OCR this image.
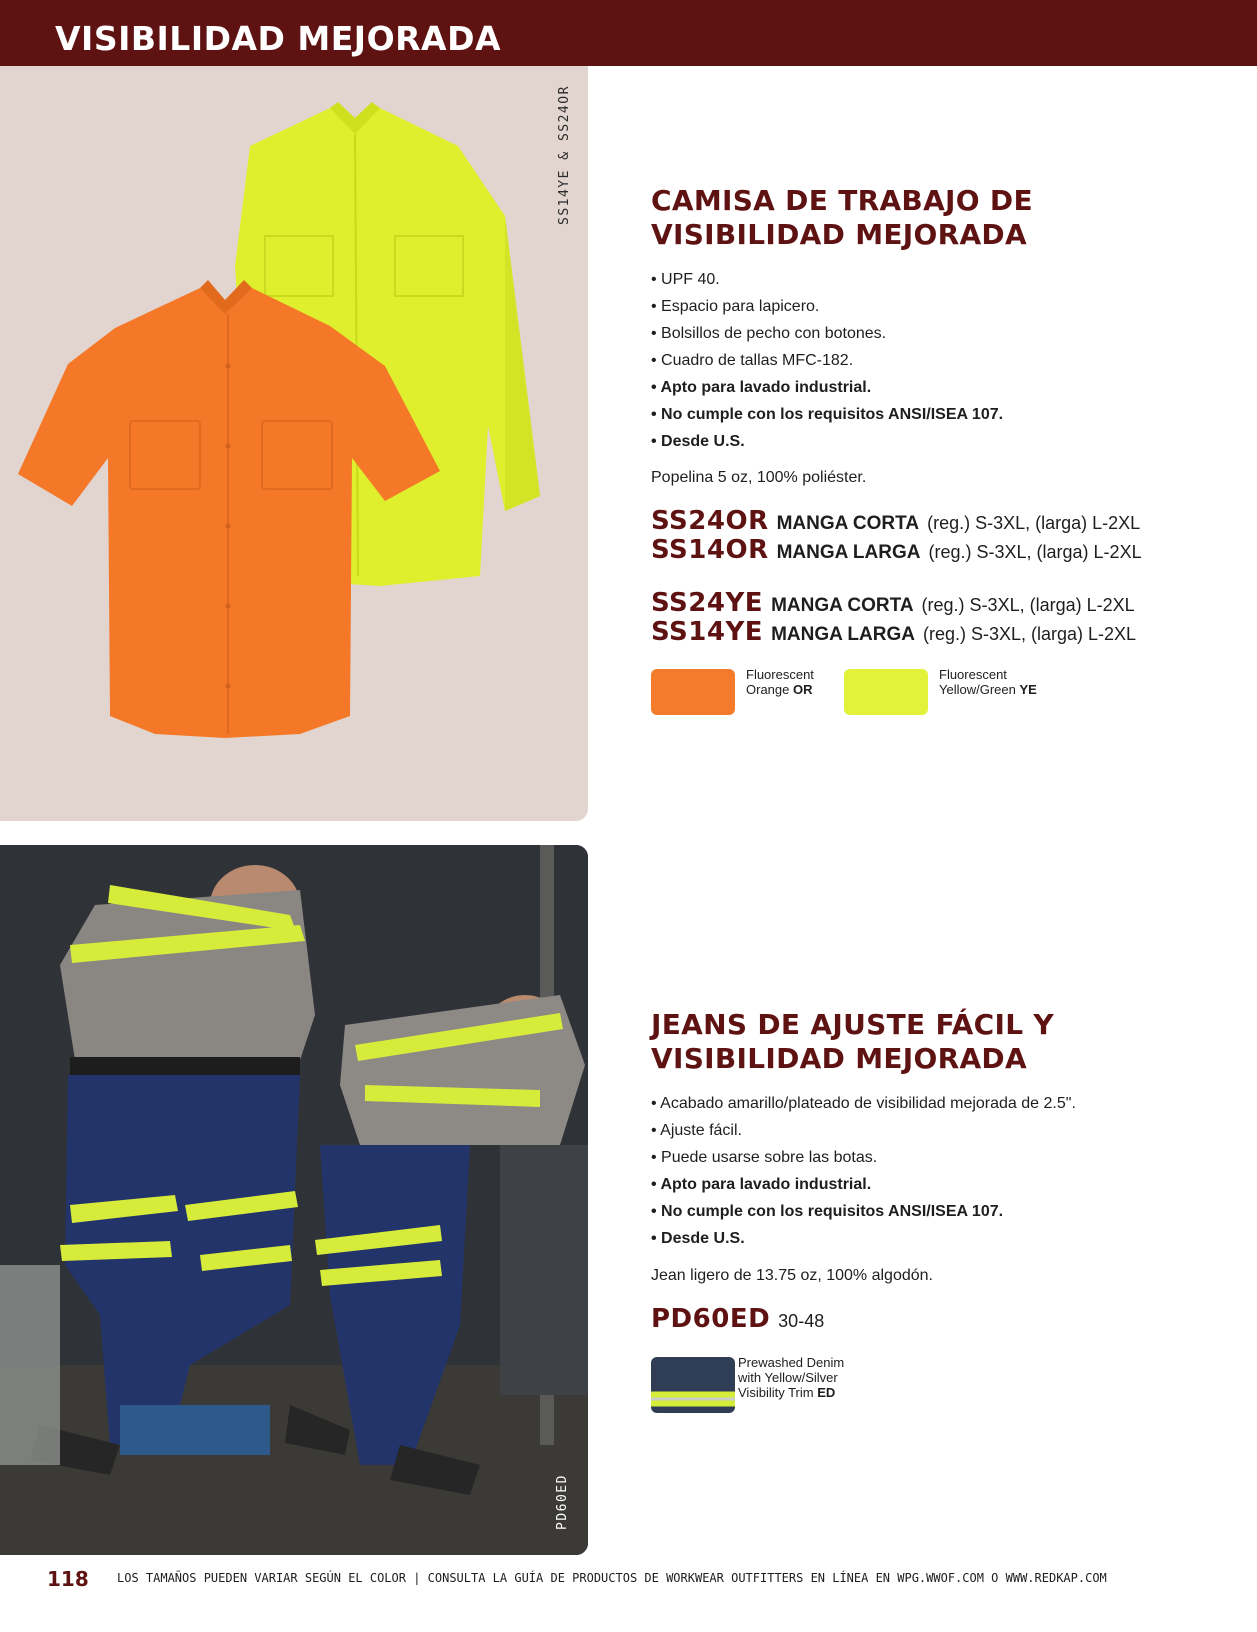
VISIBILIDAD MEJORADA
SS14YE & SS24OR	CAMISA DE TRABAJO DE
VISIBILIDAD MEJORADA
• UPF 40.
• Espacio para lapicero.
• Bolsillos de pecho con botones.
• Cuadro de tallas MFC-182.
• Apto para lavado industrial.
• No cumple con los requisitos ANSI/ISEA 107.
• Desde U.S.
Popelina 5 oz, 100% poliéster.
SS24OR MANGA CORTA (reg.) S-3XL, (larga) L-2XL
SS14OR MANGA LARGA (reg.) S-3XL, (larga) L-2XL
SS24YE MANGA CORTA (reg.) S-3XL, (larga) L-2XL
SS14YE MANGA LARGA (reg.) S-3XL, (larga) L-2XL
Fluorescent
Orange OR
Fluorescent
Yellow/Green YE
PD60ED
JEANS DE AJUSTE FÁCIL Y
VISIBILIDAD MEJORADA
• Acabado amarillo/plateado de visibilidad mejorada de 2.5".
• Ajuste fácil.
• Puede usarse sobre las botas.
• Apto para lavado industrial.
• No cumple con los requisitos ANSI/ISEA 107.
• Desde U.S.
Jean ligero de 13.75 oz, 100% algodón.
PD60ED 30-48
Prewashed Denim
with Yellow/Silver
Visibility Trim ED
118 LOS TAMAÑOS PUEDEN VARIAR SEGÚN EL COLOR | CONSULTA LA GUÍA DE PRODUCTOS DE WORKWEAR OUTFITTERS EN LÍNEA EN WPG.WWOF.COM O WWW.REDKAP.COM
